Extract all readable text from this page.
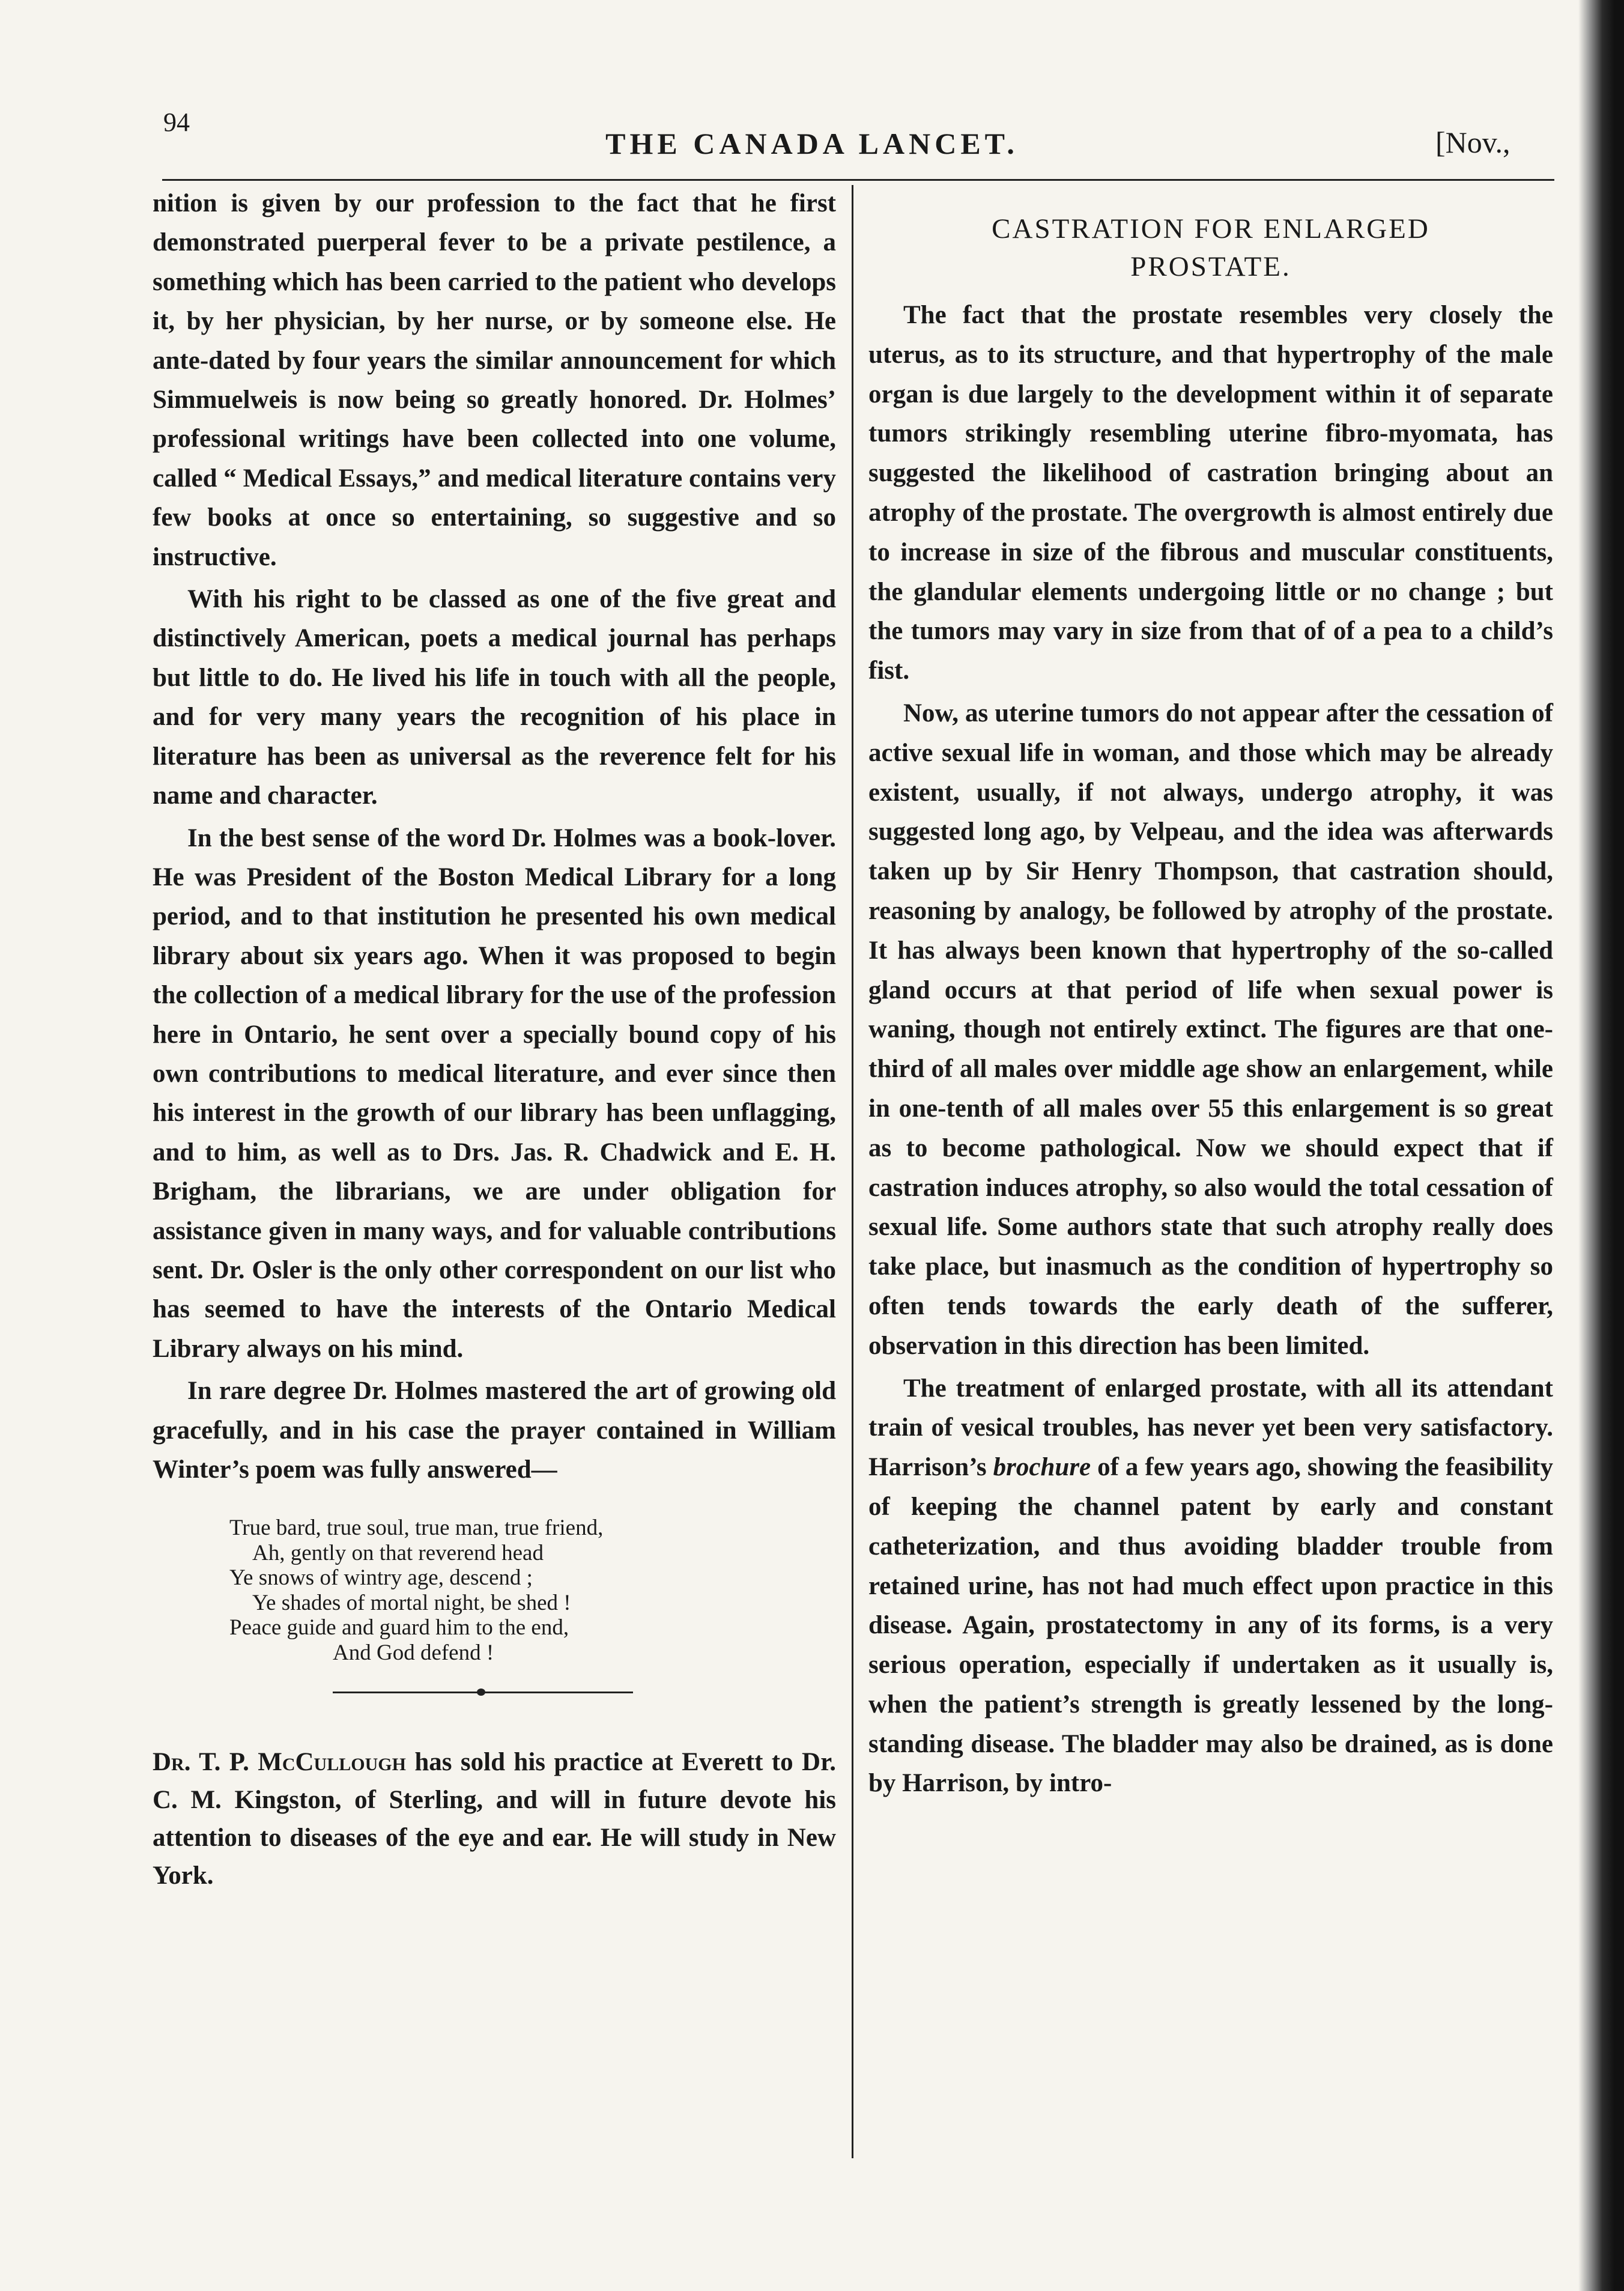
94
THE CANADA LANCET.	[Nov.,

nition is given by our profession to the fact that he first demonstrated puerperal fever to be a private pestilence, a something which has been carried to the patient who develops it, by her physician, by her nurse, or by someone else. He ante-dated by four years the similar announcement for which Simmuelweis is now being so greatly honored. Dr. Holmes’ professional writings have been collected into one volume, called “ Medical Essays,” and medical literature contains very few books at once so entertaining, so suggestive and so instructive.

With his right to be classed as one of the five great and distinctively American, poets a medical journal has perhaps but little to do. He lived his life in touch with all the people, and for very many years the recognition of his place in literature has been as universal as the reverence felt for his name and character.

In the best sense of the word Dr. Holmes was a book-lover. He was President of the Boston Medical Library for a long period, and to that institution he presented his own medical library about six years ago. When it was proposed to begin the collection of a medical library for the use of the profession here in Ontario, he sent over a specially bound copy of his own contributions to medical literature, and ever since then his interest in the growth of our library has been unflagging, and to him, as well as to Drs. Jas. R. Chadwick and E. H. Brigham, the librarians, we are under obligation for assistance given in many ways, and for valuable contributions sent. Dr. Osler is the only other correspondent on our list who has seemed to have the interests of the Ontario Medical Library always on his mind.

In rare degree Dr. Holmes mastered the art of growing old gracefully, and in his case the prayer contained in William Winter’s poem was fully answered—

True bard, true soul, true man, true friend,
Ah, gently on that reverend head
Ye snows of wintry age, descend ;
Ye shades of mortal night, be shed !
Peace guide and guard him to the end,
And God defend !

Dr. T. P. McCullough has sold his practice at Everett to Dr. C. M. Kingston, of Sterling, and will in future devote his attention to diseases of the eye and ear. He will study in New York.

CASTRATION FOR ENLARGED
PROSTATE.

The fact that the prostate resembles very closely the uterus, as to its structure, and that hypertrophy of the male organ is due largely to the development within it of separate tumors strikingly resembling uterine fibro-myomata, has suggested the likelihood of castration bringing about an atrophy of the prostate. The overgrowth is almost entirely due to increase in size of the fibrous and muscular constituents, the glandular elements undergoing little or no change ; but the tumors may vary in size from that of of a pea to a child’s fist.

Now, as uterine tumors do not appear after the cessation of active sexual life in woman, and those which may be already existent, usually, if not always, undergo atrophy, it was suggested long ago, by Velpeau, and the idea was afterwards taken up by Sir Henry Thompson, that castration should, reasoning by analogy, be followed by atrophy of the prostate. It has always been known that hypertrophy of the so-called gland occurs at that period of life when sexual power is waning, though not entirely extinct. The figures are that one-third of all males over middle age show an enlargement, while in one-tenth of all males over 55 this enlargement is so great as to become pathological. Now we should expect that if castration induces atrophy, so also would the total cessation of sexual life. Some authors state that such atrophy really does take place, but inasmuch as the condition of hypertrophy so often tends towards the early death of the sufferer, observation in this direction has been limited.

The treatment of enlarged prostate, with all its attendant train of vesical troubles, has never yet been very satisfactory. Harrison’s brochure of a few years ago, showing the feasibility of keeping the channel patent by early and constant catheterization, and thus avoiding bladder trouble from retained urine, has not had much effect upon practice in this disease. Again, prostatectomy in any of its forms, is a very serious operation, especially if undertaken as it usually is, when the patient’s strength is greatly lessened by the long-standing disease. The bladder may also be drained, as is done by Harrison, by intro-
